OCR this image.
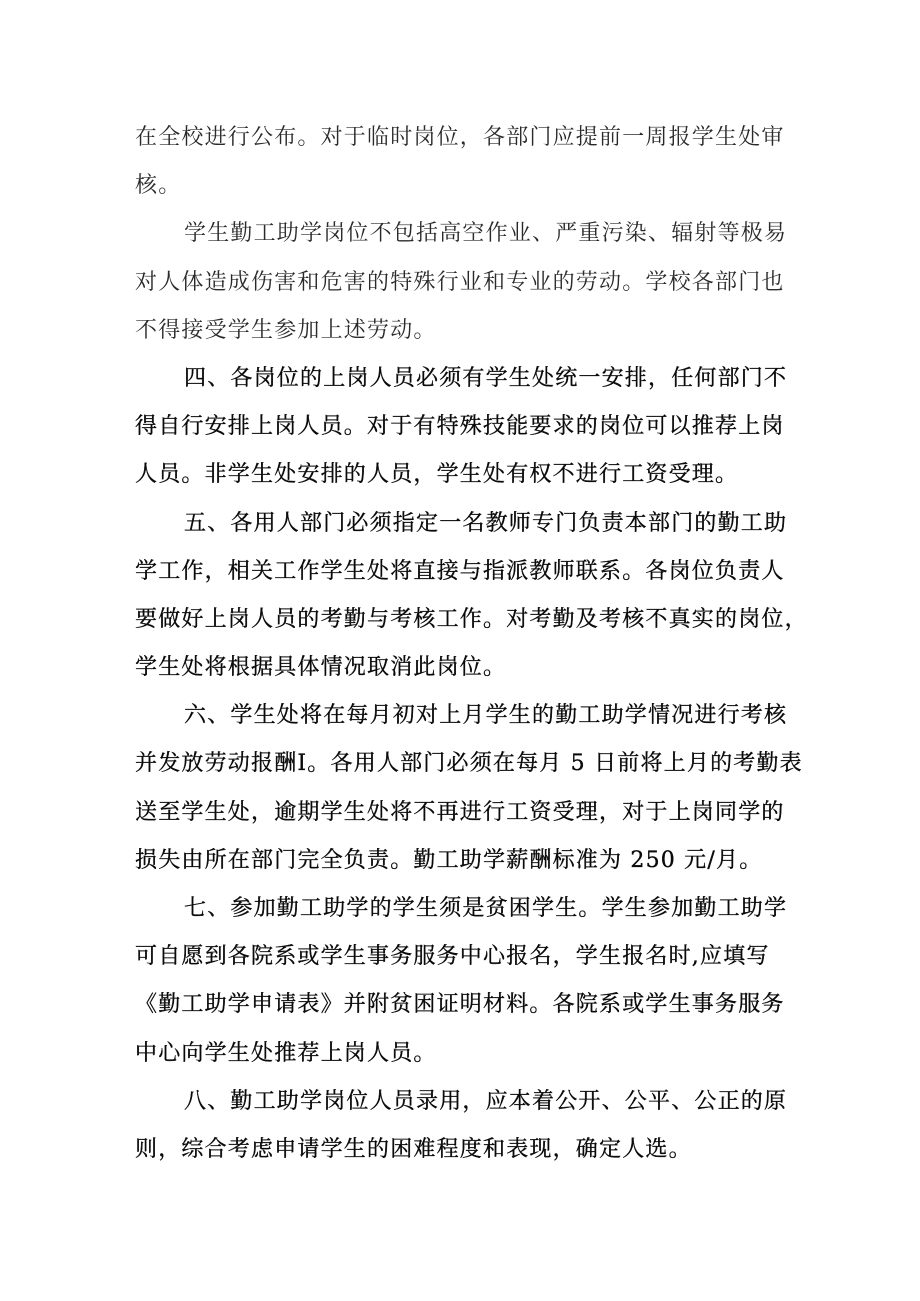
在全校进行公布。对于临时岗位，各部门应提前一周报学生处审
核。
学生勤工助学岗位不包括高空作业、严重污染、辐射等极易
对人体造成伤害和危害的特殊行业和专业的劳动。学校各部门也
不得接受学生参加上述劳动。
四、各岗位的上岗人员必须有学生处统一安排，任何部门不
得自行安排上岗人员。对于有特殊技能要求的岗位可以推荐上岗
人员。非学生处安排的人员，学生处有权不进行工资受理。
五、各用人部门必须指定一名教师专门负责本部门的勤工助
学工作，相关工作学生处将直接与指派教师联系。各岗位负责人
要做好上岗人员的考勤与考核工作。对考勤及考核不真实的岗位，
学生处将根据具体情况取消此岗位。
六、学生处将在每月初对上月学生的勤工助学情况进行考核
并发放劳动报酬I。各用人部门必须在每月 5 日前将上月的考勤表
送至学生处，逾期学生处将不再进行工资受理，对于上岗同学的
损失由所在部门完全负责。勤工助学薪酬标准为 250 元/月。
七、参加勤工助学的学生须是贫困学生。学生参加勤工助学
可自愿到各院系或学生事务服务中心报名，学生报名时,应填写
《勤工助学申请表》并附贫困证明材料。各院系或学生事务服务
中心向学生处推荐上岗人员。
八、勤工助学岗位人员录用，应本着公开、公平、公正的原
则，综合考虑申请学生的困难程度和表现，确定人选。
